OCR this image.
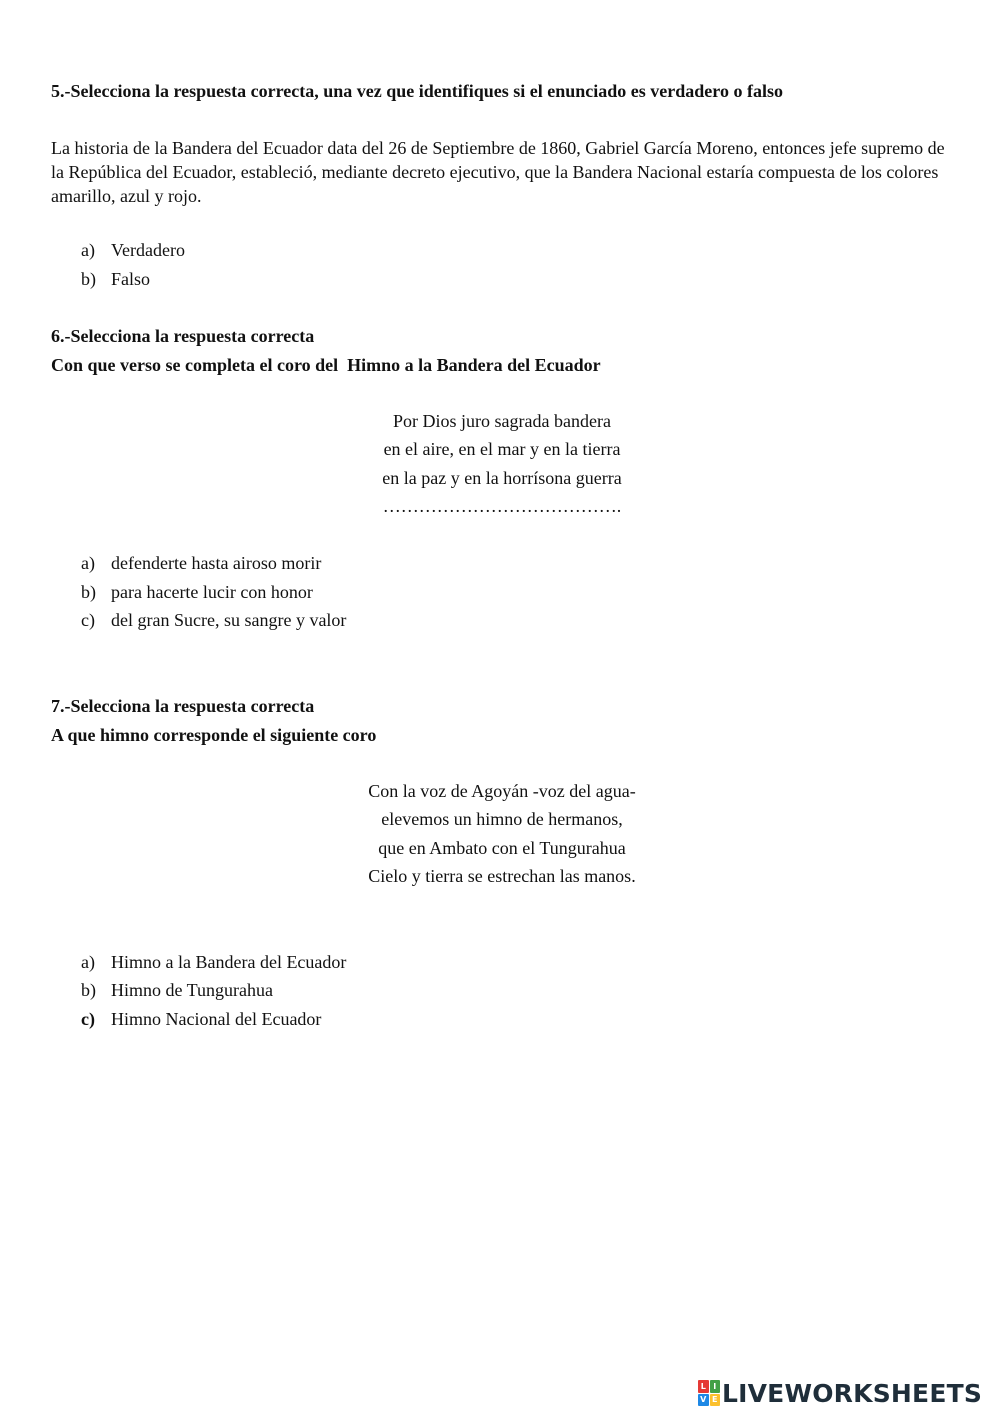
5.-Selecciona la respuesta correcta, una vez que identifiques si el enunciado es verdadero o falso
La historia de la Bandera del Ecuador data del 26 de Septiembre de 1860, Gabriel García Moreno, entonces jefe supremo de la República del Ecuador, estableció, mediante decreto ejecutivo, que la Bandera Nacional estaría compuesta de los colores amarillo, azul y rojo.
a) Verdadero
b) Falso
6.-Selecciona la respuesta correcta
Con que verso se completa el coro del  Himno a la Bandera del Ecuador
Por Dios juro sagrada bandera
en el aire, en el mar y en la tierra
en la paz y en la horrísona guerra
………………………………….
a) defenderte hasta airoso morir
b) para hacerte lucir con honor
c) del gran Sucre, su sangre y valor
7.-Selecciona la respuesta correcta
A que himno corresponde el siguiente coro
Con la voz de Agoyán -voz del agua-
elevemos un himno de hermanos,
que en Ambato con el Tungurahua
Cielo y tierra se estrechan las manos.
a) Himno a la Bandera del Ecuador
b) Himno de Tungurahua
c) Himno Nacional del Ecuador
L I
V E LIVEWORKSHEETS
